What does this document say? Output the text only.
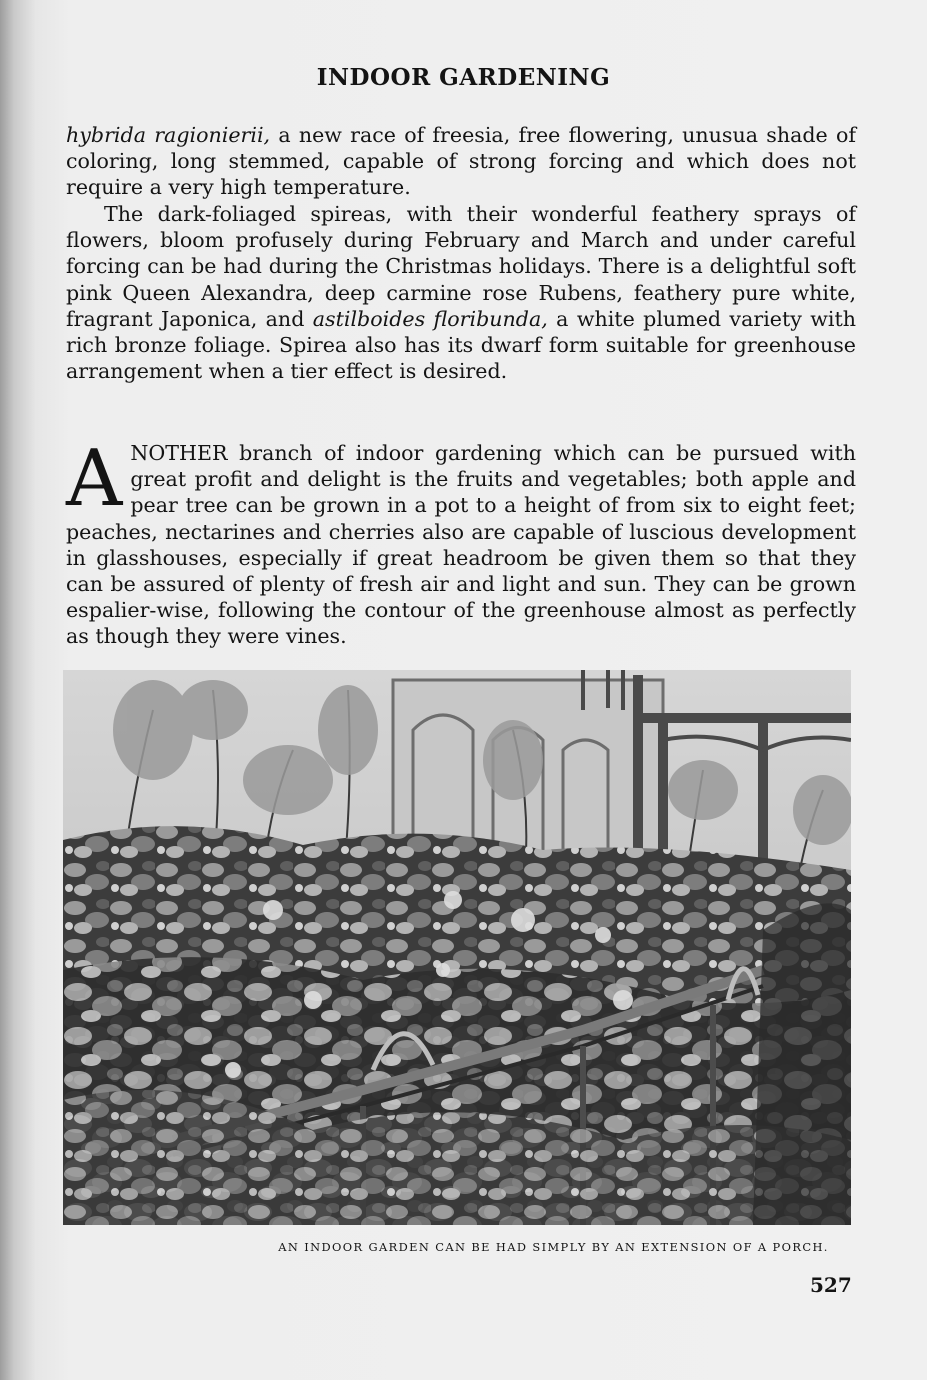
INDOOR GARDENING

hybrida ragionierii, a new race of freesia, free flowering, unusua shade of coloring, long stemmed, capable of strong forcing and which does not require a very high temperature.

The dark-foliaged spireas, with their wonderful feathery sprays of flowers, bloom profusely during February and March and under careful forcing can be had during the Christmas holidays. There is a delightful soft pink Queen Alexandra, deep carmine rose Rubens, feathery pure white, fragrant Japonica, and astilboides floribunda, a white plumed variety with rich bronze foliage. Spirea also has its dwarf form suitable for greenhouse arrangement when a tier effect is desired.

ANOTHER branch of indoor gardening which can be pursued with great profit and delight is the fruits and vegetables; both apple and pear tree can be grown in a pot to a height of from six to eight feet; peaches, nectarines and cherries also are capable of luscious development in glasshouses, especially if great headroom be given them so that they can be assured of plenty of fresh air and light and sun. They can be grown espalier-wise, following the contour of the greenhouse almost as perfectly as though they were vines.

AN INDOOR GARDEN CAN BE HAD SIMPLY BY AN EXTENSION OF A PORCH.
527
